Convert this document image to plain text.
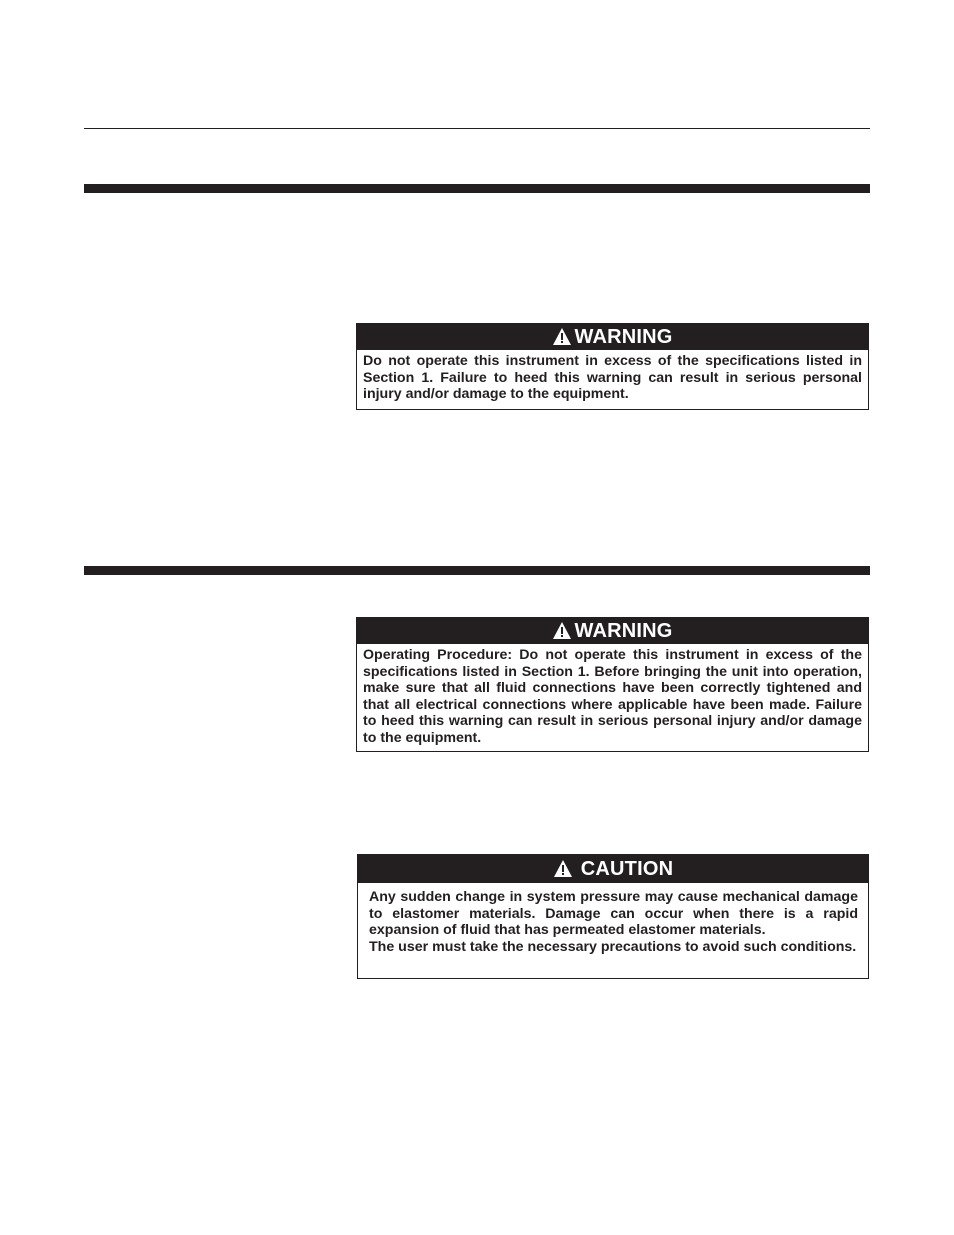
WARNING

Do not operate this instrument in excess of the specifications listed in Section 1. Failure to heed this warning can result in serious personal injury and/or damage to the equipment.

WARNING

Operating Procedure: Do not operate this instrument in excess of the specifications listed in Section 1. Before bringing the unit into operation, make sure that all fluid connections have been correctly tightened and that all electrical connections where applicable have been made. Failure to heed this warning can result in serious personal injury and/or damage to the equipment.

CAUTION

Any sudden change in system pressure may cause mechanical damage to elastomer materials. Damage can occur when there is a rapid expansion of fluid that has permeated elastomer materials.

The user must take the necessary precautions to avoid such conditions.
